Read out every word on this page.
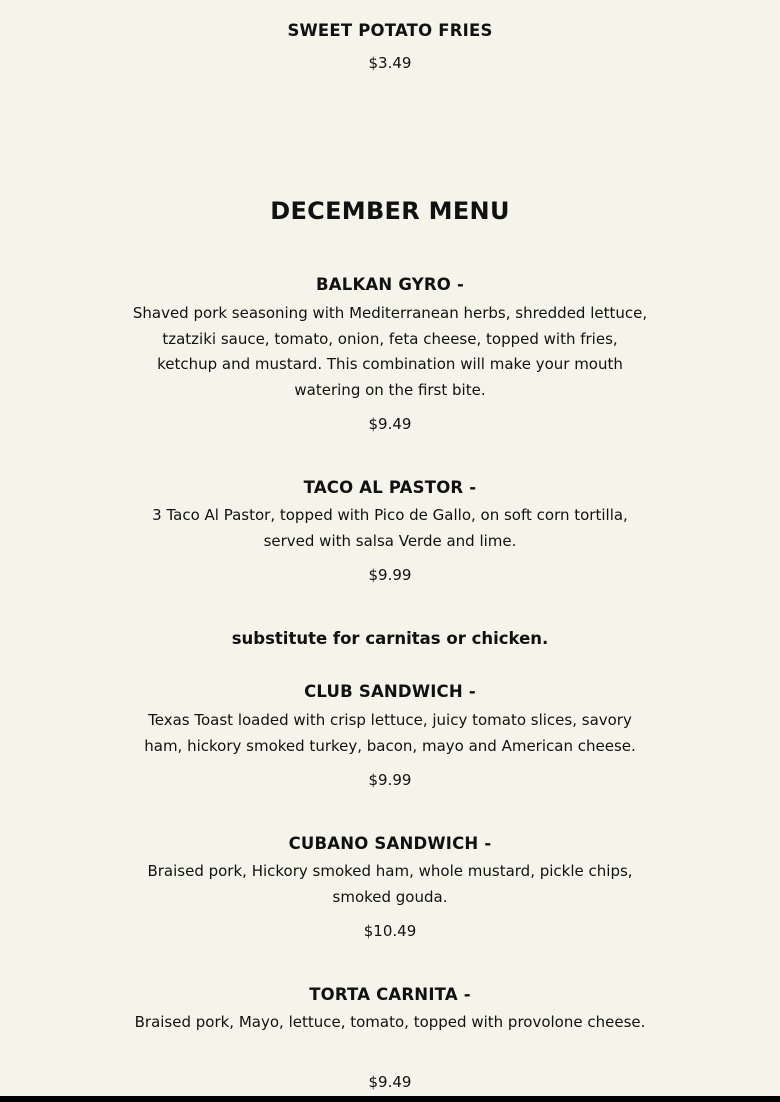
SWEET POTATO FRIES
$3.49
DECEMBER MENU
BALKAN GYRO -
Shaved pork seasoning with Mediterranean herbs, shredded lettuce, tzatziki sauce, tomato, onion, feta cheese, topped with fries, ketchup and mustard. This combination will make your mouth watering on the first bite.
$9.49
TACO AL PASTOR -
3 Taco Al Pastor, topped with Pico de Gallo, on soft corn tortilla, served with salsa Verde and lime.
$9.99
substitute for carnitas or chicken.
CLUB SANDWICH -
Texas Toast loaded with crisp lettuce, juicy tomato slices, savory ham, hickory smoked turkey, bacon, mayo and American cheese.
$9.99
CUBANO SANDWICH -
Braised pork, Hickory smoked ham, whole mustard, pickle chips, smoked gouda.
$10.49
TORTA CARNITA -
Braised pork, Mayo, lettuce, tomato, topped with provolone cheese.
$9.49
